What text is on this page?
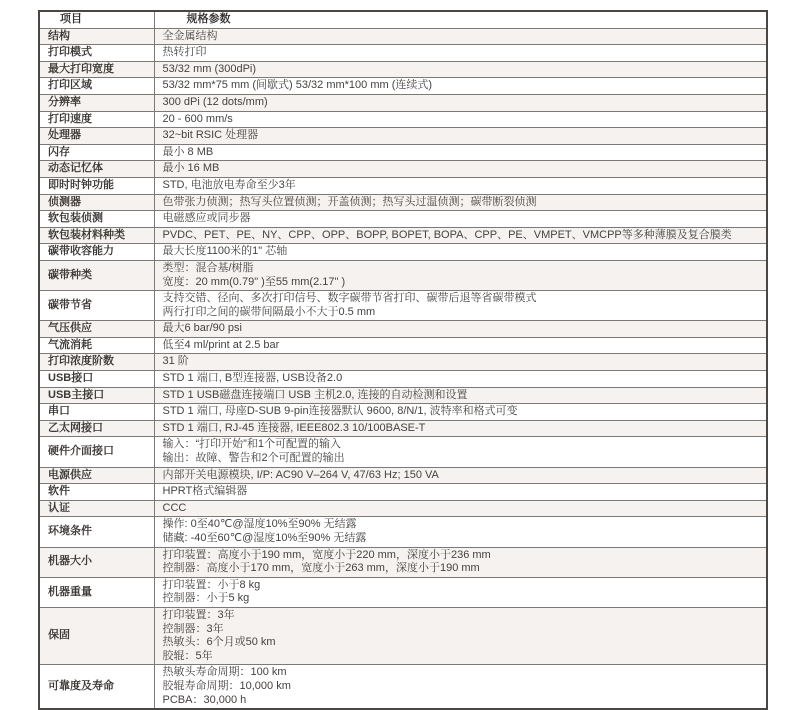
项目	规格参数
结构	全金属结构

打印模式	热转打印

最大打印宽度	53/32 mm (300dPi)

打印区域	53/32 mm*75 mm (间歇式) 53/32 mm*100 mm (连续式)

分辨率	300 dPi (12 dots/mm)

打印速度	20 - 600 mm/s

处理器	32~bit RSIC 处理器

闪存	最小 8 MB

动态记忆体	最小 16 MB

即时时钟功能	STD, 电池放电寿命至少3年

侦测器	色带张力侦测；热写头位置侦测；开盖侦测；热写头过温侦测；碳带断裂侦测

软包装侦测	电磁感应或同步器

软包装材料种类	PVDC、PET、PE、NY、CPP、OPP、BOPP, BOPET, BOPA、CPP、PE、VMPET、VMCPP等多种薄膜及复合膜类

碳带收容能力	最大长度1100米的1" 芯轴

碳带种类	类型：混合基/树脂
宽度：20 mm(0.79" )至55 mm(2.17" )

碳带节省	支持交错、径向、多次打印信号、数字碳带节省打印、碳带后退等省碳带模式
两行打印之间的碳带间隔最小不大于0.5 mm

气压供应	最大6 bar/90 psi

气流消耗	低至4 ml/print at 2.5 bar

打印浓度阶数	31 阶

USB接口	STD 1 端口, B型连接器, USB设备2.0

USB主接口	STD 1 USB磁盘连接端口 USB 主机2.0, 连接的自动检测和设置

串口	STD 1 端口, 母座D-SUB 9-pin连接器默认 9600, 8/N/1, 波特率和格式可变

乙太网接口	STD 1 端口, RJ-45 连接器, IEEE802.3 10/100BASE-T

硬件介面接口	输入：“打印开始”和1个可配置的输入
输出：故障、警告和2个可配置的输出

电源供应	内部开关电源模块, I/P: AC90 V–264 V, 47/63 Hz; 150 VA

软件	HPRT格式编辑器

认证	CCC

环境条件	操作: 0至40℃@湿度10%至90% 无结露
储藏: -40至60℃@湿度10%至90% 无结露

机器大小	打印装置：高度小于190 mm，宽度小于220 mm，深度小于236 mm
控制器：高度小于170 mm，宽度小于263 mm，深度小于190 mm

机器重量	打印装置：小于8 kg
控制器：小于5 kg

保固	打印装置：3年
控制器：3年
热敏头：6个月或50 km
胶辊：5年

可靠度及寿命	热敏头寿命周期：100 km
胶辊寿命周期：10,000 km
PCBA：30,000 h
